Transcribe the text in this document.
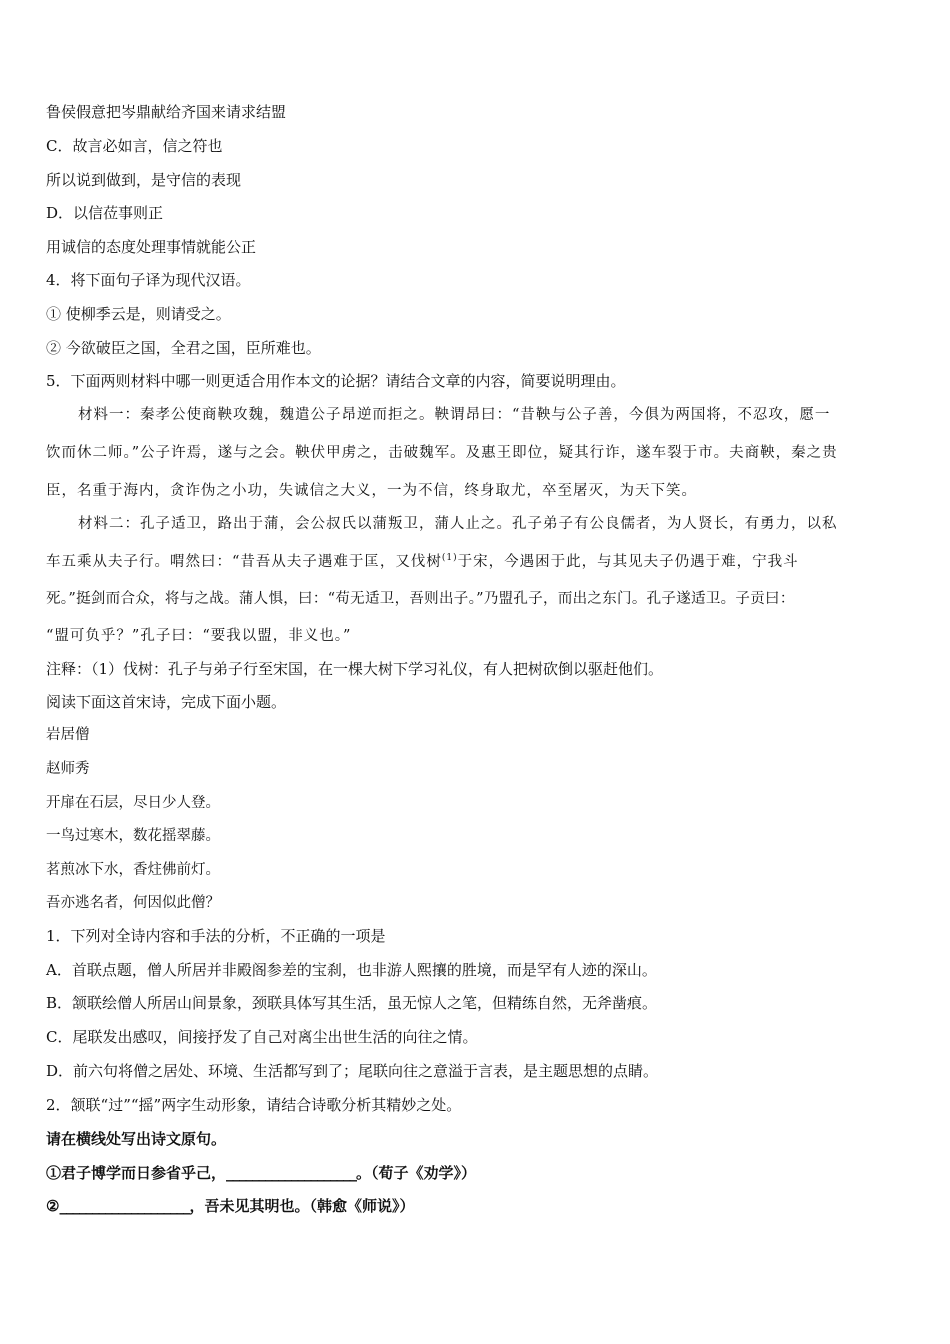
鲁侯假意把岑鼎献给齐国来请求结盟
C．故言必如言，信之符也
所以说到做到，是守信的表现
D．以信莅事则正
用诚信的态度处理事情就能公正
4．将下面句子译为现代汉语。
① 使柳季云是，则请受之。
② 今欲破臣之国，全君之国，臣所难也。
5．下面两则材料中哪一则更适合用作本文的论据？请结合文章的内容，简要说明理由。
材料一：秦孝公使商鞅攻魏，魏遣公子昂逆而拒之。鞅谓昂曰：“昔鞅与公子善，今俱为两国将，不忍攻，愿一
饮而休二师。”公子许焉，遂与之会。鞅伏甲虏之，击破魏军。及惠王即位，疑其行诈，遂车裂于市。夫商鞅，秦之贵
臣，名重于海内，贪诈伪之小功，失诚信之大义，一为不信，终身取尤，卒至屠灭，为天下笑。
材料二：孔子适卫，路出于蒲，会公叔氏以蒲叛卫，蒲人止之。孔子弟子有公良儒者，为人贤长，有勇力，以私
车五乘从夫子行。喟然曰：“昔吾从夫子遇难于匡，又伐树$^{(1)}$于宋，今遇困于此，与其见夫子仍遇于难，宁我斗
死。”挺剑而合众，将与之战。蒲人惧，曰：“苟无适卫，吾则出子。”乃盟孔子，而出之东门。孔子遂适卫。子贡曰：
“盟可负乎？”孔子曰：“要我以盟，非义也。”
注释：（1）伐树：孔子与弟子行至宋国，在一棵大树下学习礼仪，有人把树砍倒以驱赶他们。
阅读下面这首宋诗，完成下面小题。
岩居僧
赵师秀
开扉在石层，尽日少人登。
一鸟过寒木，数花摇翠藤。
茗煎冰下水，香炷佛前灯。
吾亦逃名者，何因似此僧？
1．下列对全诗内容和手法的分析，不正确的一项是
A．首联点题，僧人所居并非殿阁参差的宝刹，也非游人熙攘的胜境，而是罕有人迹的深山。
B．颔联绘僧人所居山间景象，颈联具体写其生活，虽无惊人之笔，但精练自然，无斧凿痕。
C．尾联发出感叹，间接抒发了自己对离尘出世生活的向往之情。
D．前六句将僧之居处、环境、生活都写到了；尾联向往之意溢于言表，是主题思想的点睛。
2．颔联“过”“摇”两字生动形象，请结合诗歌分析其精妙之处。
请在横线处写出诗文原句。
①君子博学而日参省乎己，____________________。（荀子《劝学》）
②____________________，吾未见其明也。（韩愈《师说》）
